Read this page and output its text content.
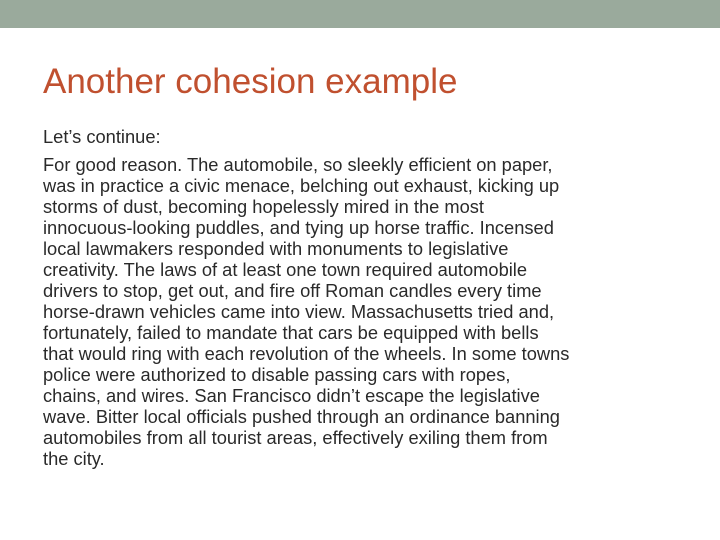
Another cohesion example
Let’s continue:
For good reason. The automobile, so sleekly efficient on paper,
was in practice a civic menace, belching out exhaust, kicking up
storms of dust, becoming hopelessly mired in the most
innocuous-looking puddles, and tying up horse traffic. Incensed
local lawmakers responded with monuments to legislative
creativity. The laws of at least one town required automobile
drivers to stop, get out, and fire off Roman candles every time
horse-drawn vehicles came into view. Massachusetts tried and,
fortunately, failed to mandate that cars be equipped with bells
that would ring with each revolution of the wheels. In some towns
police were authorized to disable passing cars with ropes,
chains, and wires. San Francisco didn’t escape the legislative
wave. Bitter local officials pushed through an ordinance banning
automobiles from all tourist areas, effectively exiling them from
the city.
